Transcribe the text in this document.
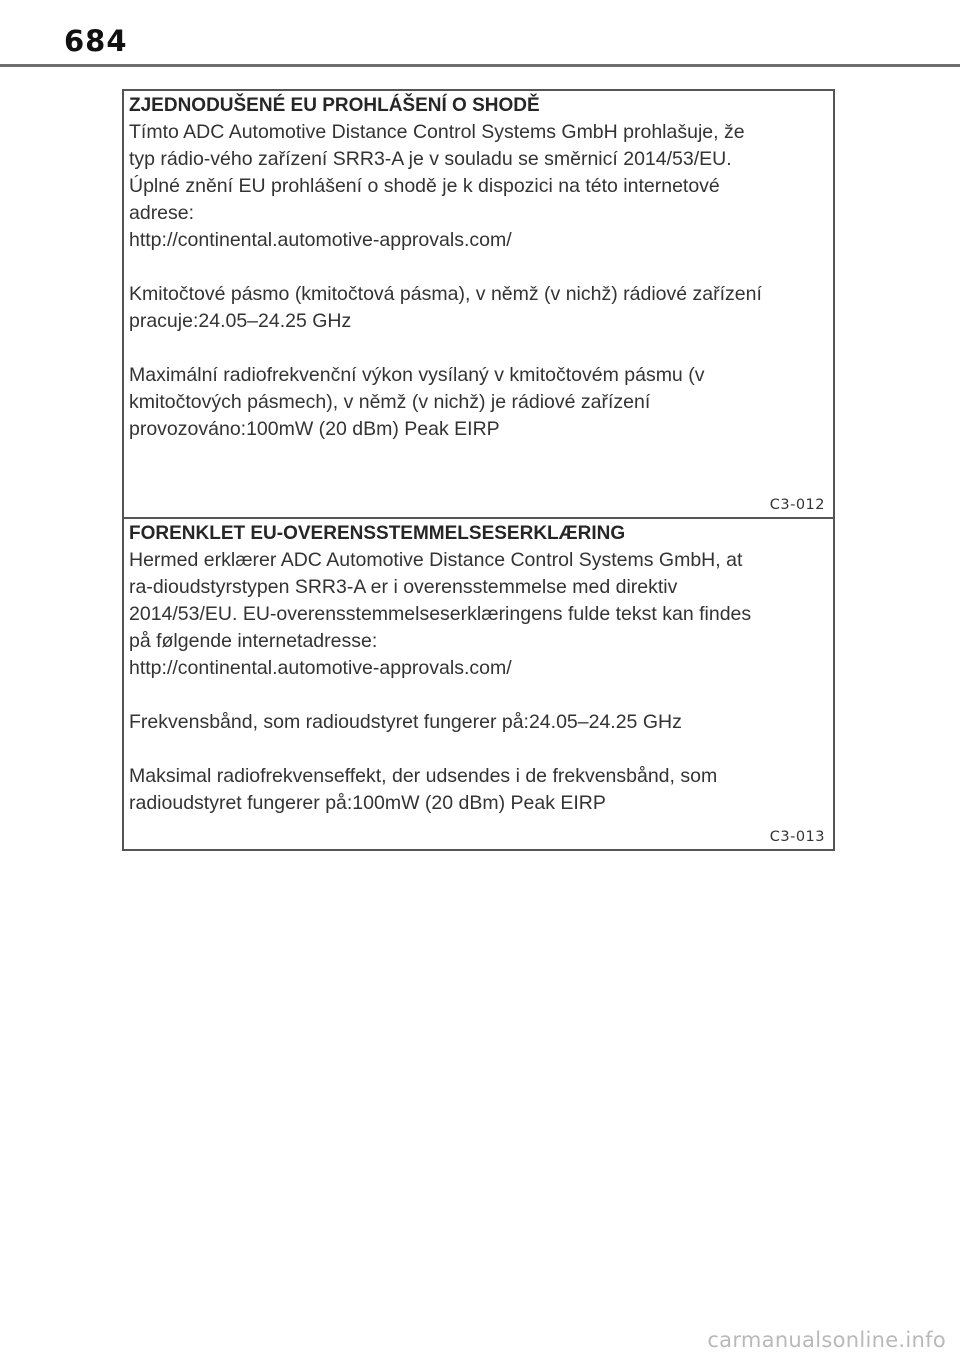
684
ZJEDNODUŠENÉ EU PROHLÁŠENÍ O SHODĚ
Tímto ADC Automotive Distance Control Systems GmbH prohlašuje, že
typ rádio-vého zařízení SRR3-A je v souladu se směrnicí 2014/53/EU.
Úplné znění EU prohlášení o shodě je k dispozici na této internetové
adrese:
http://continental.automotive-approvals.com/
Kmitočtové pásmo (kmitočtová pásma), v němž (v nichž) rádiové zařízení
pracuje:24.05–24.25 GHz
Maximální radiofrekvenční výkon vysílaný v kmitočtovém pásmu (v
kmitočtových pásmech), v němž (v nichž) je rádiové zařízení
provozováno:100mW (20 dBm) Peak EIRP
C3-012
FORENKLET EU-OVERENSSTEMMELSESERKLÆRING
Hermed erklærer ADC Automotive Distance Control Systems GmbH, at
ra-dioudstyrstypen SRR3-A er i overensstemmelse med direktiv
2014/53/EU. EU-overensstemmelseserklæringens fulde tekst kan findes
på følgende internetadresse:
http://continental.automotive-approvals.com/
Frekvensbånd, som radioudstyret fungerer på:24.05–24.25 GHz
Maksimal radiofrekvenseffekt, der udsendes i de frekvensbånd, som
radioudstyret fungerer på:100mW (20 dBm) Peak EIRP
C3-013
carmanualsonline.info
